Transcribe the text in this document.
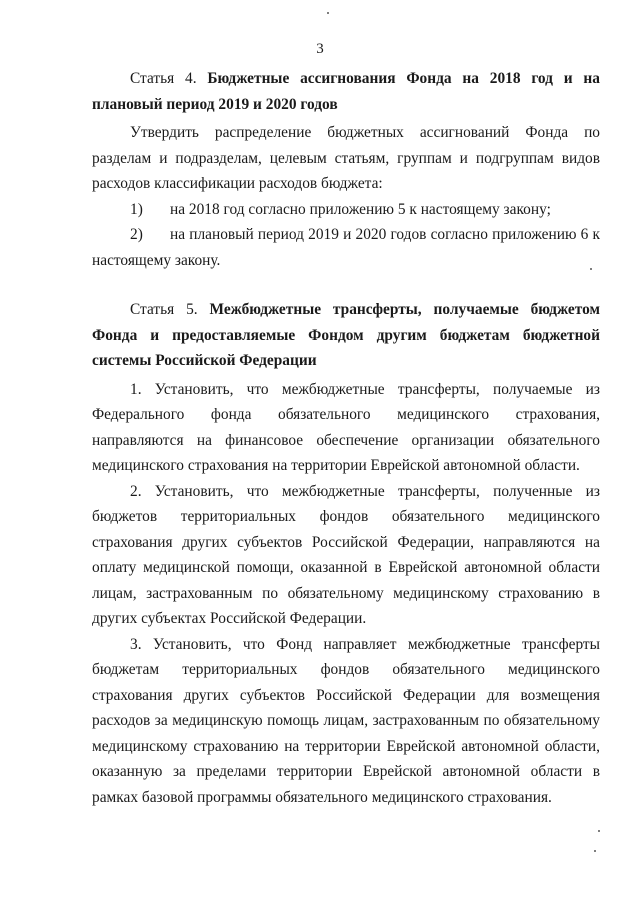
3

Статья 4. Бюджетные ассигнования Фонда на 2018 год и на плановый период 2019 и 2020 годов

Утвердить распределение бюджетных ассигнований Фонда по разделам и подразделам, целевым статьям, группам и подгруппам видов расходов классификации расходов бюджета:

1) на 2018 год согласно приложению 5 к настоящему закону;

2) на плановый период 2019 и 2020 годов согласно приложению 6 к настоящему закону.

Статья 5. Межбюджетные трансферты, получаемые бюджетом Фонда и предоставляемые Фондом другим бюджетам бюджетной системы Российской Федерации

1. Установить, что межбюджетные трансферты, получаемые из Федерального фонда обязательного медицинского страхования, направляются на финансовое обеспечение организации обязательного медицинского страхования на территории Еврейской автономной области.

2. Установить, что межбюджетные трансферты, полученные из бюджетов территориальных фондов обязательного медицинского страхования других субъектов Российской Федерации, направляются на оплату медицинской помощи, оказанной в Еврейской автономной области лицам, застрахованным по обязательному медицинскому страхованию в других субъектах Российской Федерации.

3. Установить, что Фонд направляет межбюджетные трансферты бюджетам территориальных фондов обязательного медицинского страхования других субъектов Российской Федерации для возмещения расходов за медицинскую помощь лицам, застрахованным по обязательному медицинскому страхованию на территории Еврейской автономной области, оказанную за пределами территории Еврейской автономной области в рамках базовой программы обязательного медицинского страхования.
